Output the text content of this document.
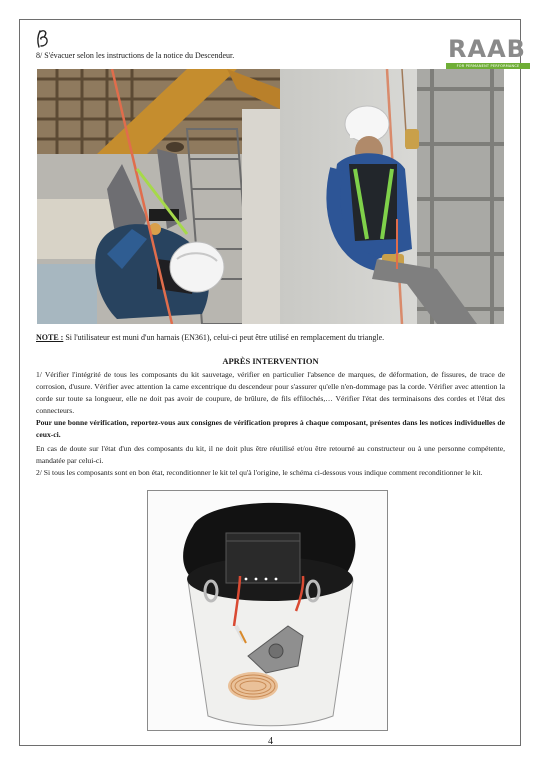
8/ S'évacuer selon les instructions de la notice du Descendeur.	RAAB
FOR PERMANENT PERFORMANCE
NOTE : Si l'utilisateur est muni d'un harnais (EN361), celui-ci peut être utilisé en remplacement du triangle.
APRÈS INTERVENTION

1/ Vérifier l'intégrité de tous les composants du kit sauvetage, vérifier en particulier l'absence de marques, de déformation, de fissures, de trace de corrosion, d'usure. Vérifier avec attention la came excentrique du descendeur pour s'assurer qu'elle n'en-dommage pas la corde. Vérifier avec attention la corde sur toute sa longueur, elle ne doit pas avoir de coupure, de brûlure, de fils effilochés,… Vérifier l'état des terminaisons des cordes et l'état des connecteurs.

Pour une bonne vérification, reportez-vous aux consignes de vérification propres à chaque composant, présentes dans les notices individuelles de ceux-ci.

En cas de doute sur l'état d'un des composants du kit, il ne doit plus être réutilisé et/ou être retourné au constructeur ou à une personne compétente, mandatée par celui-ci.

2/ Si tous les composants sont en bon état, reconditionner le kit tel qu'à l'origine, le schéma ci-dessous vous indique comment reconditionner le kit.

4
